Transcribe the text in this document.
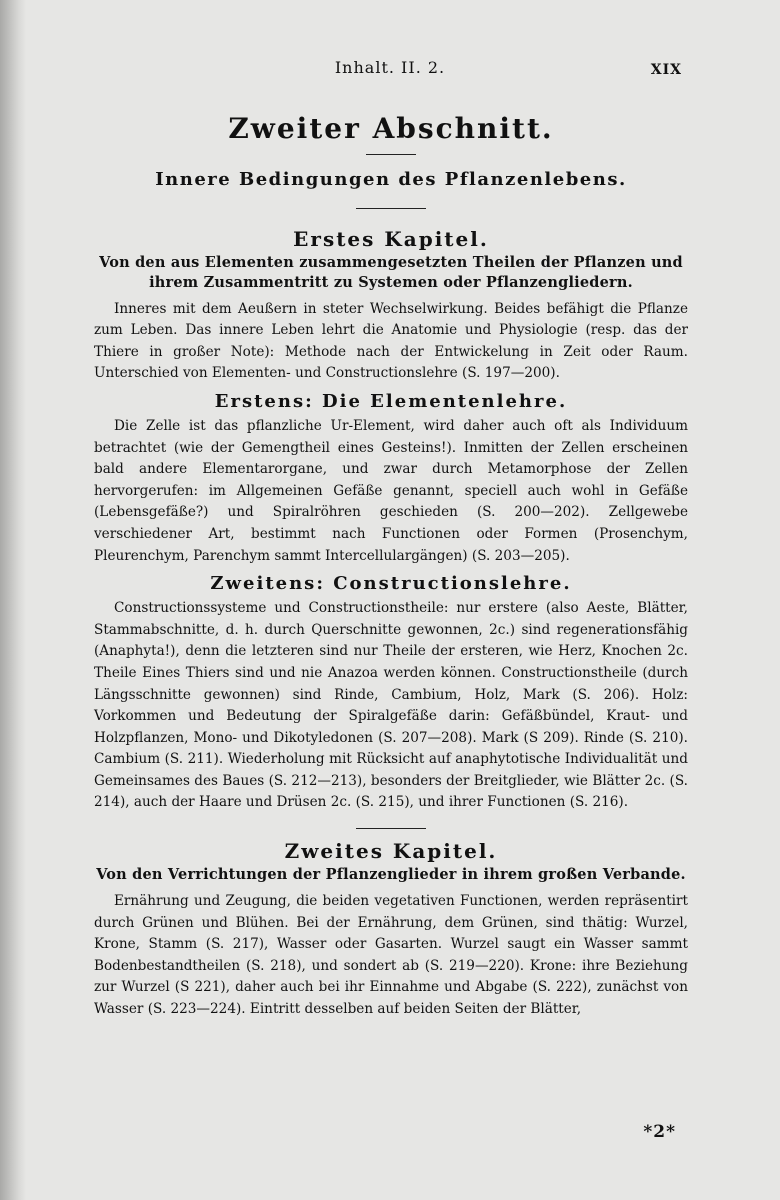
Inhalt. II. 2.	XIX
Zweiter Abschnitt.
Innere Bedingungen des Pflanzenlebens.
Erstes Kapitel.
Von den aus Elementen zusammengesetzten Theilen der Pflanzen und ihrem Zusammentritt zu Systemen oder Pflanzengliedern.

Inneres mit dem Aeußern in steter Wechselwirkung. Beides befähigt die Pflanze zum Leben. Das innere Leben lehrt die Anatomie und Physiologie (resp. das der Thiere in großer Note): Methode nach der Entwickelung in Zeit oder Raum. Unterschied von Elementen- und Constructionslehre (S. 197—200).

Erstens: Die Elementenlehre.

Die Zelle ist das pflanzliche Ur-Element, wird daher auch oft als Individuum betrachtet (wie der Gemengtheil eines Gesteins!). Inmitten der Zellen erscheinen bald andere Elementarorgane, und zwar durch Metamorphose der Zellen hervorgerufen: im Allgemeinen Gefäße genannt, speciell auch wohl in Gefäße (Lebensgefäße?) und Spiralröhren geschieden (S. 200—202). Zellgewebe verschiedener Art, bestimmt nach Functionen oder Formen (Prosenchym, Pleurenchym, Parenchym sammt Intercellulargängen) (S. 203—205).

Zweitens: Constructionslehre.

Constructionssysteme und Constructionstheile: nur erstere (also Aeste, Blätter, Stammabschnitte, d. h. durch Querschnitte gewonnen, 2c.) sind regenerationsfähig (Anaphyta!), denn die letzteren sind nur Theile der ersteren, wie Herz, Knochen 2c. Theile Eines Thiers sind und nie Anazoa werden können. Constructionstheile (durch Längsschnitte gewonnen) sind Rinde, Cambium, Holz, Mark (S. 206). Holz: Vorkommen und Bedeutung der Spiralgefäße darin: Gefäßbündel, Kraut- und Holzpflanzen, Mono- und Dikotyledonen (S. 207—208). Mark (S 209). Rinde (S. 210). Cambium (S. 211). Wiederholung mit Rücksicht auf anaphytotische Individualität und Gemeinsames des Baues (S. 212—213), besonders der Breitglieder, wie Blätter 2c. (S. 214), auch der Haare und Drüsen 2c. (S. 215), und ihrer Functionen (S. 216).

Zweites Kapitel.
Von den Verrichtungen der Pflanzenglieder in ihrem großen Verbande.

Ernährung und Zeugung, die beiden vegetativen Functionen, werden repräsentirt durch Grünen und Blühen. Bei der Ernährung, dem Grünen, sind thätig: Wurzel, Krone, Stamm (S. 217), Wasser oder Gasarten. Wurzel saugt ein Wasser sammt Bodenbestandtheilen (S. 218), und sondert ab (S. 219—220). Krone: ihre Beziehung zur Wurzel (S 221), daher auch bei ihr Einnahme und Abgabe (S. 222), zunächst von Wasser (S. 223—224). Eintritt desselben auf beiden Seiten der Blätter,

*2*
